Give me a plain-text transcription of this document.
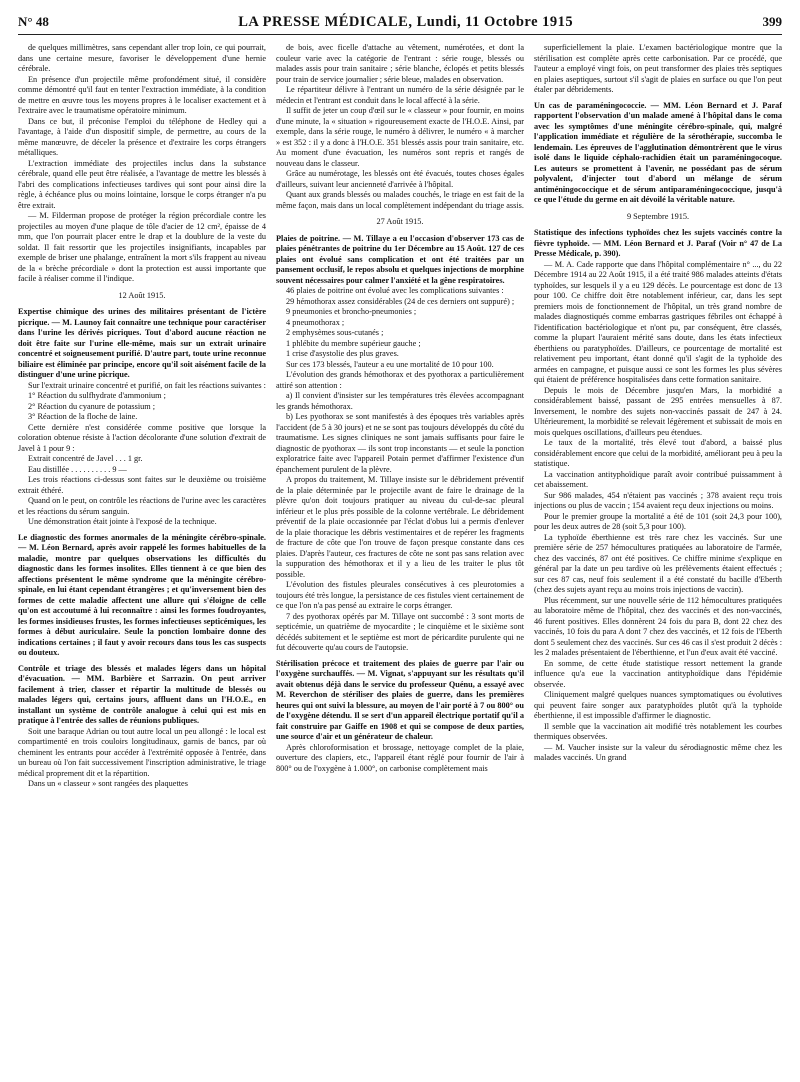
N° 48	LA PRESSE MÉDICALE, Lundi, 11 Octobre 1915	399

de quelques millimètres, sans cependant aller trop loin, ce qui pourrait, dans une certaine mesure, favoriser le développement d'une hernie cérébrale.

En présence d'un projectile même profondément situé, il considère comme démontré qu'il faut en tenter l'extraction immédiate, à la condition de mettre en œuvre tous les moyens propres à le localiser exactement et à l'extraire avec le traumatisme opératoire minimum.

Dans ce but, il préconise l'emploi du téléphone de Hedley qui a l'avantage, à l'aide d'un dispositif simple, de permettre, au cours de la même manœuvre, de déceler la présence et d'extraire les corps étrangers métalliques.

L'extraction immédiate des projectiles inclus dans la substance cérébrale, quand elle peut être réalisée, a l'avantage de mettre les blessés à l'abri des complications infectieuses tardives qui sont pour ainsi dire la règle, à échéance plus ou moins lointaine, lorsque le corps étranger n'a pu être extrait.

— M. Filderman propose de protéger la région précordiale contre les projectiles au moyen d'une plaque de tôle d'acier de 12 cm², épaisse de 4 mm, que l'on pourrait placer entre le drap et la doublure de la veste du soldat. Il fait ressortir que les projectiles insignifiants, incapables par exemple de briser une phalange, entraînent la mort s'ils frappent au niveau de la « brèche précordiale » dont la protection est aussi importante que facile à réaliser comme il l'indique.

12 Août 1915.

Expertise chimique des urines des militaires présentant de l'ictère picrique. — M. Launoy fait connaître une technique pour caractériser dans l'urine les dérivés picriques. Tout d'abord aucune réaction ne doit être faite sur l'urine elle-même, mais sur un extrait urinaire concentré et soigneusement purifié. D'autre part, toute urine reconnue biliaire est éliminée par principe, encore qu'il soit aisément facile de la distinguer d'une urine picrique.

Sur l'extrait urinaire concentré et purifié, on fait les réactions suivantes :

1° Réaction du sulfhydrate d'ammonium ;

2° Réaction du cyanure de potassium ;

3° Réaction de la floche de laine.

Cette dernière n'est considérée comme positive que lorsque la coloration obtenue résiste à l'action décolorante d'une solution d'extrait de Javel à 1 pour 9 :

Extrait concentré de Javel . . . 1 gr.

Eau distillée . . . . . . . . . . 9 —

Les trois réactions ci-dessus sont faites sur le deuxième ou troisième extrait éthéré.

Quand on le peut, on contrôle les réactions de l'urine avec les caractères et les réactions du sérum sanguin.

Une démonstration était jointe à l'exposé de la technique.

Le diagnostic des formes anormales de la méningite cérébro-spinale. — M. Léon Bernard, après avoir rappelé les formes habituelles de la maladie, montre par quelques observations les difficultés du diagnostic dans les formes insolites. Elles tiennent à ce que bien des affections présentent le même syndrome que la méningite cérébro-spinale, en lui étant cependant étrangères ; et qu'inversement bien des formes de cette maladie affectent une allure qui s'éloigne de celle qu'on est accoutumé à lui reconnaître : ainsi les formes foudroyantes, les formes insidieuses frustes, les formes infectieuses septicémiques, les formes à début auriculaire. Seule la ponction lombaire donne des indications certaines ; il faut y avoir recours dans tous les cas suspects ou douteux.

Contrôle et triage des blessés et malades légers dans un hôpital d'évacuation. — MM. Barbière et Sarrazin. On peut arriver facilement à trier, classer et répartir la multitude de blessés ou malades légers qui, certains jours, affluent dans un l'H.O.E., en installant un système de contrôle analogue à celui qui est mis en pratique à l'entrée des salles de réunions publiques.

Soit une baraque Adrian ou tout autre local un peu allongé : le local est compartimenté en trois couloirs longitudinaux, garnis de bancs, par où cheminent les entrants pour accéder à l'extrémité opposée à l'entrée, dans un bureau où l'on fait successivement l'inscription administrative, le triage médical proprement dit et la répartition.

Dans un « classeur » sont rangées des plaquettes

de bois, avec ficelle d'attache au vêtement, numérotées, et dont la couleur varie avec la catégorie de l'entrant : série rouge, blessés ou malades assis pour train sanitaire ; série blanche, éclopés et petits blessés pour train de service journalier ; série bleue, malades en observation.

Le répartiteur délivre à l'entrant un numéro de la série désignée par le médecin et l'entrant est conduit dans le local affecté à la série.

Il suffit de jeter un coup d'œil sur le « classeur » pour fournir, en moins d'une minute, la « situation » rigoureusement exacte de l'H.O.E. Ainsi, par exemple, dans la série rouge, le numéro à délivrer, le numéro « à marcher » est 352 : il y a donc à l'H.O.E. 351 blessés assis pour train sanitaire, etc. Au moment d'une évacuation, les numéros sont repris et rangés de nouveau dans le classeur.

Grâce au numérotage, les blessés ont été évacués, toutes choses égales d'ailleurs, suivant leur ancienneté d'arrivée à l'hôpital.

Quant aux grands blessés ou malades couchés, le triage en est fait de la même façon, mais dans un local complètement indépendant du triage assis.

27 Août 1915.

Plaies de poitrine. — M. Tillaye a eu l'occasion d'observer 173 cas de plaies pénétrantes de poitrine du 1er Décembre au 15 Août. 127 de ces plaies ont évolué sans complication et ont été traitées par un pansement occlusif, le repos absolu et quelques injections de morphine souvent nécessaires pour calmer l'anxiété et la gêne respiratoires.

46 plaies de poitrine ont évolué avec les complications suivantes :

29 hémothorax assez considérables (24 de ces derniers ont suppuré) ;

9 pneumonies et broncho-pneumonies ;

4 pneumothorax ;

2 emphysèmes sous-cutanés ;

1 phlébite du membre supérieur gauche ;

1 crise d'asystolie des plus graves.

Sur ces 173 blessés, l'auteur a eu une mortalité de 10 pour 100.

L'évolution des grands hémothorax et des pyothorax a particulièrement attiré son attention :

a) Il convient d'insister sur les températures très élevées accompagnant les grands hémothorax.

b) Les pyothorax se sont manifestés à des époques très variables après l'accident (de 5 à 30 jours) et ne se sont pas toujours développés du côté du traumatisme. Les signes cliniques ne sont jamais suffisants pour faire le diagnostic de pyothorax — ils sont trop inconstants — et seule la ponction exploratrice faite avec l'appareil Potain permet d'affirmer l'existence d'un épanchement purulent de la plèvre.

A propos du traitement, M. Tillaye insiste sur le débridement préventif de la plaie déterminée par le projectile avant de faire le drainage de la plèvre qu'on doit toujours pratiquer au niveau du cul-de-sac pleural inférieur et le plus près possible de la colonne vertébrale. Le débridement préventif de la plaie occasionnée par l'éclat d'obus lui a permis d'enlever de la plaie thoracique les débris vestimentaires et de repérer les fragments de fracture de côte que l'on trouve de façon presque constante dans ces plaies. D'après l'auteur, ces fractures de côte ne sont pas sans relation avec la suppuration des hémothorax et il y a lieu de les traiter le plus tôt possible.

L'évolution des fistules pleurales consécutives à ces pleurotomies a toujours été très longue, la persistance de ces fistules vient certainement de ce que l'on n'a pas pensé au extraire le corps étranger.

7 des pyothorax opérés par M. Tillaye ont succombé : 3 sont morts de septicémie, un quatrième de myocardite ; le cinquième et le sixième sont décédés subitement et le septième est mort de péricardite purulente qui ne fut découverte qu'au cours de l'autopsie.

Stérilisation précoce et traitement des plaies de guerre par l'air ou l'oxygène surchauffés. — M. Vignat, s'appuyant sur les résultats qu'il avait obtenus déjà dans le service du professeur Quénu, a essayé avec M. Reverchon de stériliser des plaies de guerre, dans les premières heures qui ont suivi la blessure, au moyen de l'air porté à 7 ou 800° ou de l'oxygène détendu. Il se sert d'un appareil électrique portatif qu'il a fait construire par Gaiffe en 1908 et qui se compose de deux parties, une source d'air et un générateur de chaleur.

Après chloroformisation et brossage, nettoyage complet de la plaie, ouverture des clapiers, etc., l'appareil étant réglé pour fournir de l'air à 800° ou de l'oxygène à 1.000°, on carbonise complètement mais

superficiellement la plaie. L'examen bactériologique montre que la stérilisation est complète après cette carbonisation. Par ce procédé, que l'auteur a employé vingt fois, on peut transformer des plaies très septiques en plaies aseptiques, surtout s'il s'agit de plaies en surface ou que l'on peut étaler par débridements.

Un cas de paraméningococcie. — MM. Léon Bernard et J. Paraf rapportent l'observation d'un malade amené à l'hôpital dans le coma avec les symptômes d'une méningite cérébro-spinale, qui, malgré l'application immédiate et régulière de la sérothérapie, succomba le lendemain. Les épreuves de l'agglutination démontrèrent que le virus isolé dans le liquide céphalo-rachidien était un paraméningocoque. Les auteurs se promettent à l'avenir, ne possédant pas de sérum polyvalent, d'injecter tout d'abord un mélange de sérum antiméningococcique et de sérum antiparaméningococcique, jusqu'à ce que l'étude du germe en ait dévoilé la véritable nature.

9 Septembre 1915.

Statistique des infections typhoïdes chez les sujets vaccinés contre la fièvre typhoïde. — MM. Léon Bernard et J. Paraf (Voir n° 47 de La Presse Médicale, p. 390).

— M. A. Cade rapporte que dans l'hôpital complémentaire n° ..., du 22 Décembre 1914 au 22 Août 1915, il a été traité 986 malades atteints d'états typhoïdes, sur lesquels il y a eu 129 décès. Le pourcentage est donc de 13 pour 100. Ce chiffre doit être notablement inférieur, car, dans les sept premiers mois de fonctionnement de l'hôpital, un très grand nombre de malades diagnostiqués comme embarras gastriques fébriles ont échappé à l'identification bactériologique et n'ont pu, par conséquent, être classés, comme la plupart l'auraient mérité sans doute, dans les états infectieux éberthiens ou paratyphoïdes. D'ailleurs, ce pourcentage de mortalité est relativement peu important, étant donné qu'il s'agit de la typhoïde des armées en campagne, et puisque aussi ce sont les formes les plus sévères qui étaient de préférence hospitalisées dans cette formation sanitaire.

Depuis le mois de Décembre jusqu'en Mars, la morbidité a considérablement baissé, passant de 295 entrées mensuelles à 87. Inversement, le nombre des sujets non-vaccinés passait de 247 à 24. Ultérieurement, la morbidité se relevait légèrement et subissait de mois en mois quelques oscillations, d'ailleurs peu étendues.

Le taux de la mortalité, très élevé tout d'abord, a baissé plus considérablement encore que celui de la morbidité, améliorant peu à peu la statistique.

La vaccination antityphoïdique paraît avoir contribué puissamment à cet abaissement.

Sur 986 malades, 454 n'étaient pas vaccinés ; 378 avaient reçu trois injections ou plus de vaccin ; 154 avaient reçu deux injections ou moins.

Pour le premier groupe la mortalité a été de 101 (soit 24,3 pour 100), pour les deux autres de 28 (soit 5,3 pour 100).

La typhoïde éberthienne est très rare chez les vaccinés. Sur une première série de 257 hémocultures pratiquées au laboratoire de l'armée, chez des vaccinés, 87 ont été positives. Ce chiffre minime s'explique en général par la date un peu tardive où les prélèvements étaient effectués ; sur ces 87 cas, neuf fois seulement il a été constaté du bacille d'Eberth (chez des sujets ayant reçu au moins trois injections de vaccin).

Plus récemment, sur une nouvelle série de 112 hémocultures pratiquées au laboratoire même de l'hôpital, chez des vaccinés et des non-vaccinés, 46 furent positives. Elles donnèrent 24 fois du para B, dont 22 chez des vaccinés, 10 fois du para A dont 7 chez des vaccinés, et 12 fois de l'Eberth dont 5 seulement chez des vaccinés. Sur ces 46 cas il s'est produit 2 décès : les 2 malades présentaient de l'éberthienne, et l'un d'eux avait été vacciné.

En somme, de cette étude statistique ressort nettement la grande influence qu'a eue la vaccination antityphoïdique dans l'épidémie observée.

Cliniquement malgré quelques nuances symptomatiques ou évolutives qui peuvent faire songer aux paratyphoïdes plutôt qu'à la typhoïde éberthienne, il est impossible d'affirmer le diagnostic.

Il semble que la vaccination ait modifié très notablement les courbes thermiques observées.

— M. Vaucher insiste sur la valeur du sérodiagnostic même chez les malades vaccinés. Un grand
